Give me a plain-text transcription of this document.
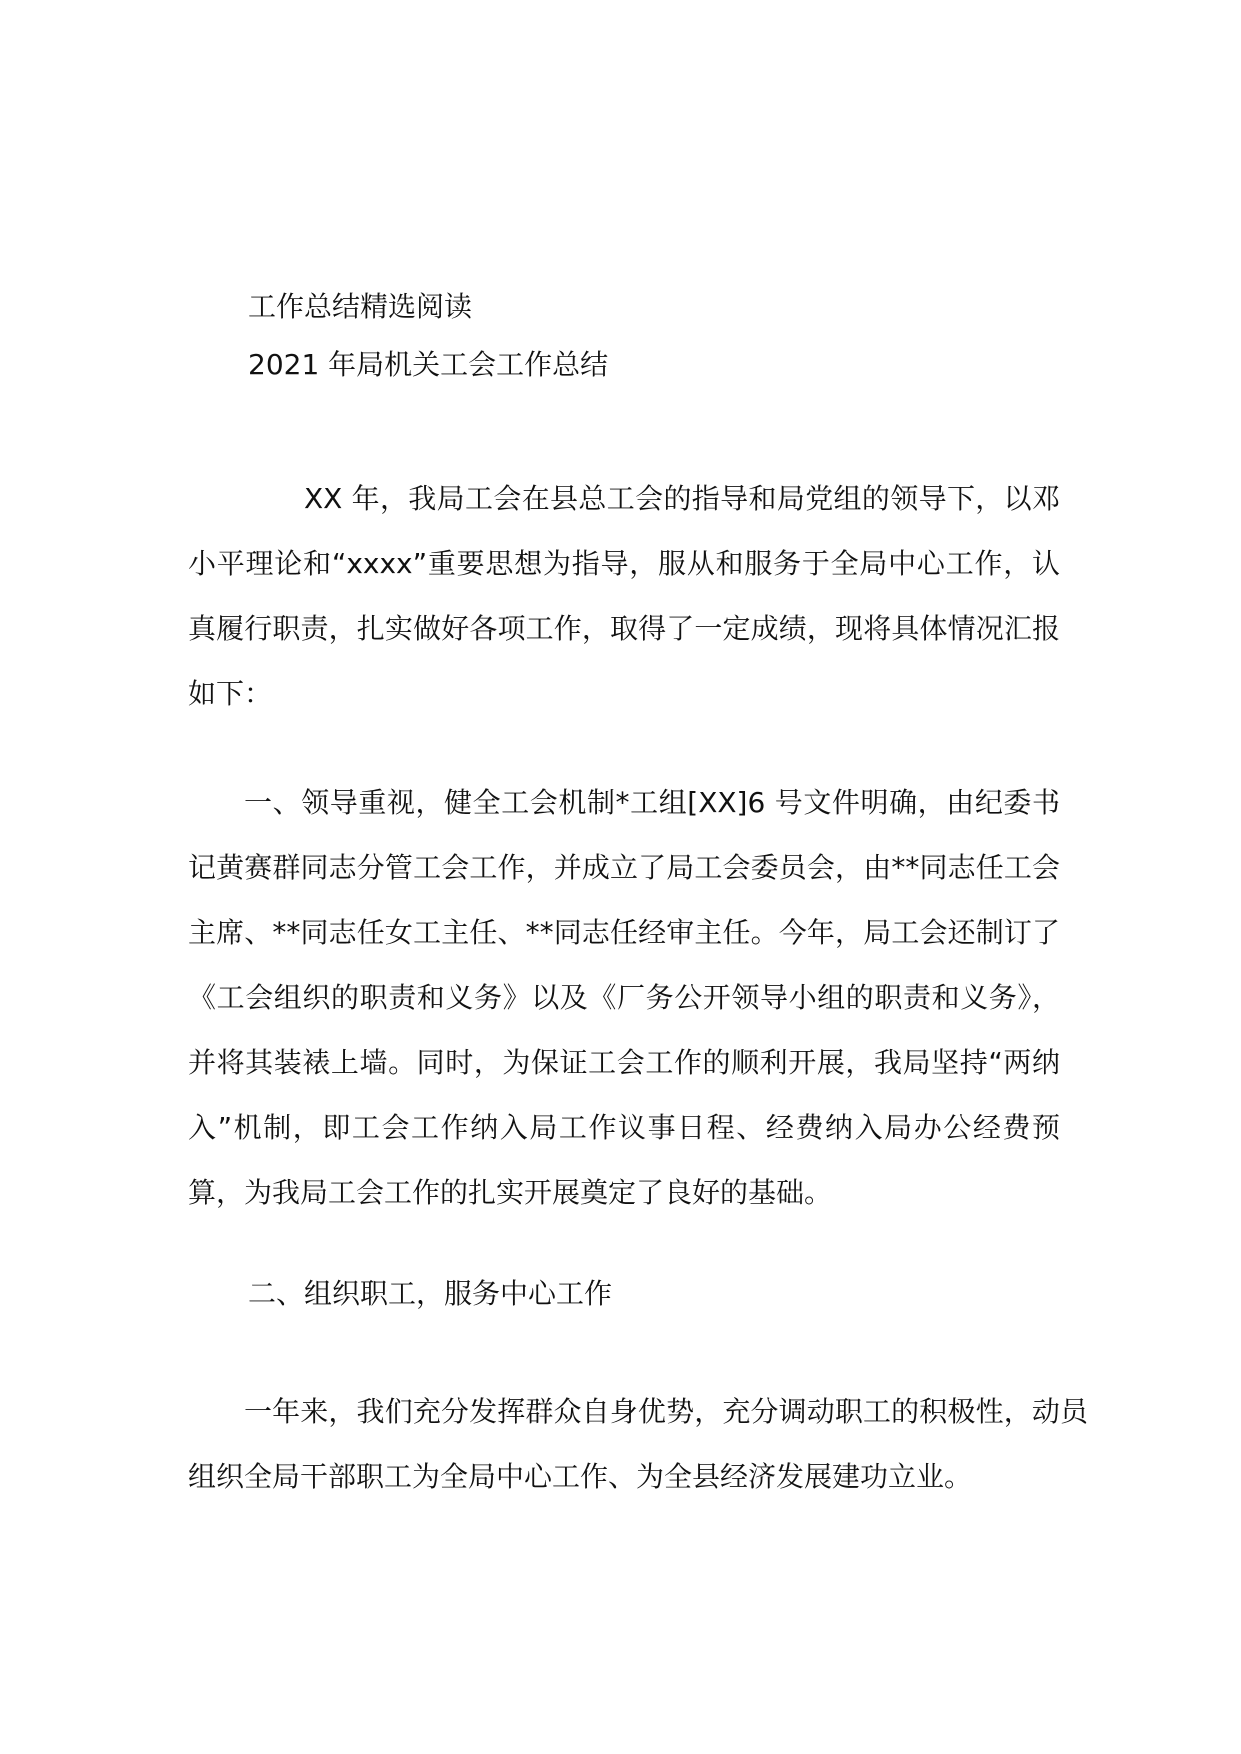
工作总结精选阅读

2021 年局机关工会工作总结

XX 年，我局工会在县总工会的指导和局党组的领导下，以邓小平理论和“xxxx”重要思想为指导，服从和服务于全局中心工作，认真履行职责，扎实做好各项工作，取得了一定成绩，现将具体情况汇报如下：

一、领导重视，健全工会机制*工组[XX]6 号文件明确，由纪委书记黄赛群同志分管工会工作，并成立了局工会委员会，由**同志任工会主席、**同志任女工主任、**同志任经审主任。今年，局工会还制订了《工会组织的职责和义务》以及《厂务公开领导小组的职责和义务》，并将其装裱上墙。同时，为保证工会工作的顺利开展，我局坚持“两纳入”机制，即工会工作纳入局工作议事日程、经费纳入局办公经费预算，为我局工会工作的扎实开展奠定了良好的基础。

二、组织职工，服务中心工作

一年来，我们充分发挥群众自身优势，充分调动职工的积极性，动员组织全局干部职工为全局中心工作、为全县经济发展建功立业。
